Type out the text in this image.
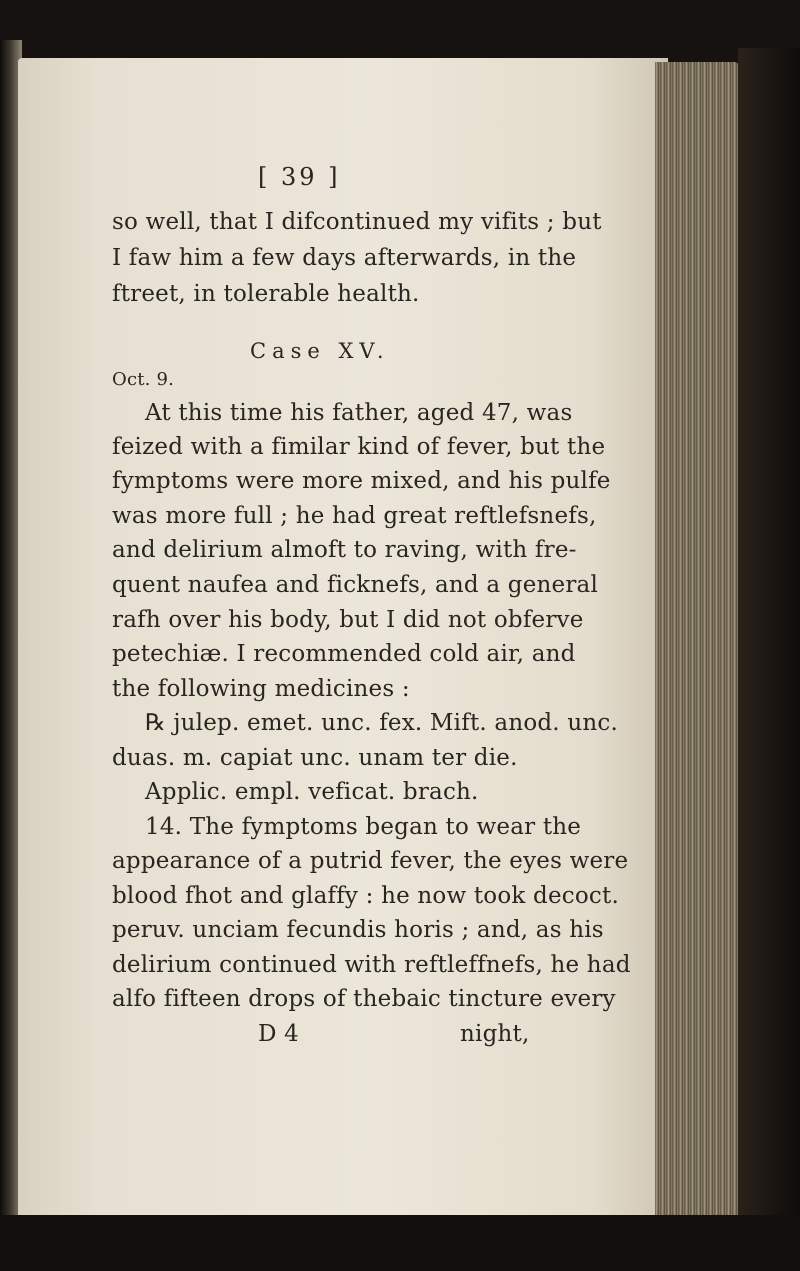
[ 39 ]
so well, that I difcontinued my vifits ; but
I faw him a few days afterwards, in the
ftreet, in tolerable health.
Case XV.
Oct. 9.
At this time his father, aged 47, was
feized with a fimilar kind of fever, but the
fymptoms were more mixed, and his pulfe
was more full ; he had great reftlefsnefs,
and delirium almoft to raving, with fre-
quent naufea and ficknefs, and a general
rafh over his body, but I did not obferve
petechiæ. I recommended cold air, and
the following medicines :
℞ julep. emet. unc. fex. Mift. anod. unc.
duas. m. capiat unc. unam ter die.
Applic. empl. veficat. brach.
14. The fymptoms began to wear the
appearance of a putrid fever, the eyes were
blood fhot and glaffy : he now took decoct.
peruv. unciam fecundis horis ; and, as his
delirium continued with reftleffnefs, he had
alfo fifteen drops of thebaic tincture every
D 4	night,
